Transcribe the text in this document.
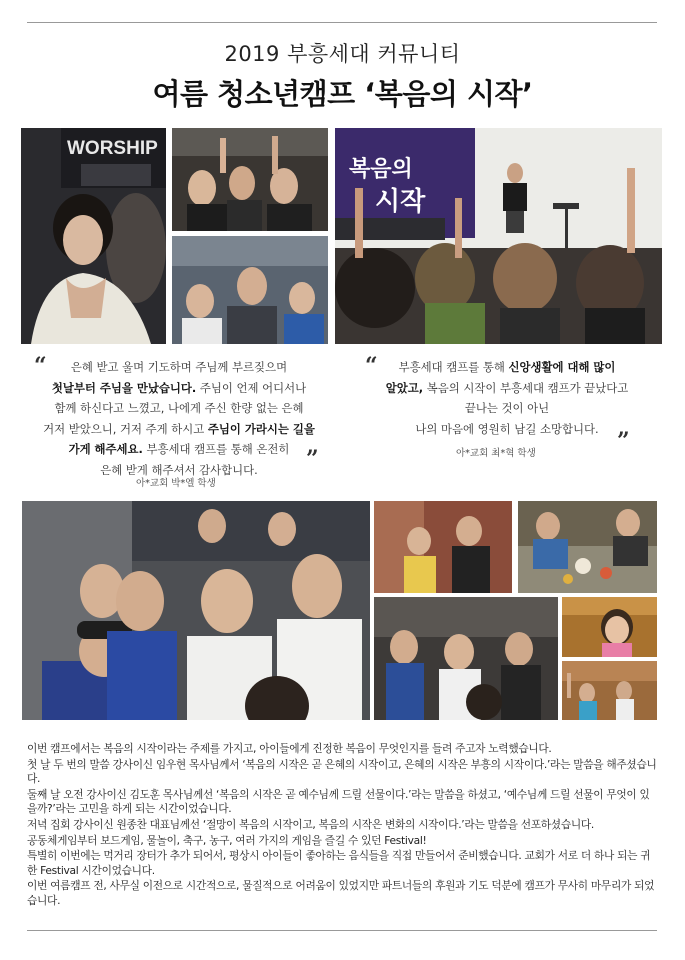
2019 부흥세대 커뮤니티
여름 청소년캠프 ‘복음의 시작’
WORSHIP
복음의
시작
“	은혜 받고 울며 기도하며 주님께 부르짖으며
첫날부터 주님을 만났습니다. 주님이 언제 어디서나
함께 하신다고 느꼈고, 나에게 주신 한량 없는 은혜
거저 받았으니, 거저 주게 하시고 주님이 가라시는 길을
가게 해주세요. 부흥세대 캠프를 통해 온전히
은혜 받게 해주셔서 감사합니다.	”
아*교회 박*엘 학생
“	부흥세대 캠프를 통해 신앙생활에 대해 많이
알았고, 복음의 시작이 부흥세대 캠프가 끝났다고
끝나는 것이 아닌
나의 마음에 영원히 남길 소망합니다. ”
아*교회 최*혁 학생

이번 캠프에서는 복음의 시작이라는 주제를 가지고, 아이들에게 진정한 복음이 무엇인지를 들려 주고자 노력했습니다.

첫 날 두 번의 말씀 강사이신 임우현 목사님께서 ‘복음의 시작은 곧 은혜의 시작이고, 은혜의 시작은 부흥의 시작이다.’라는 말씀을 해주셨습니다.

둘째 날 오전 강사이신 김도훈 목사님께선 ‘복음의 시작은 곧 예수님께 드릴 선물이다.’라는 말씀을 하셨고, ‘예수님께 드릴 선물이 무엇이 있을까?’라는 고민을 하게 되는 시간이었습니다.

저녁 집회 강사이신 원종찬 대표님께선 ‘절망이 복음의 시작이고, 복음의 시작은 변화의 시작이다.’라는 말씀을 선포하셨습니다.

공동체게임부터 보드게임, 물놀이, 축구, 농구, 여러 가지의 게임을 즐길 수 있던 Festival!

특별히 이번에는 먹거리 장터가 추가 되어서, 평상시 아이들이 좋아하는 음식들을 직접 만들어서 준비했습니다. 교회가 서로 더 하나 되는 귀한 Festival 시간이었습니다.

이번 여름캠프 전, 사무실 이전으로 시간적으로, 물질적으로 어려움이 있었지만 파트너들의 후원과 기도 덕분에 캠프가 무사히 마무리가 되었습니다.
